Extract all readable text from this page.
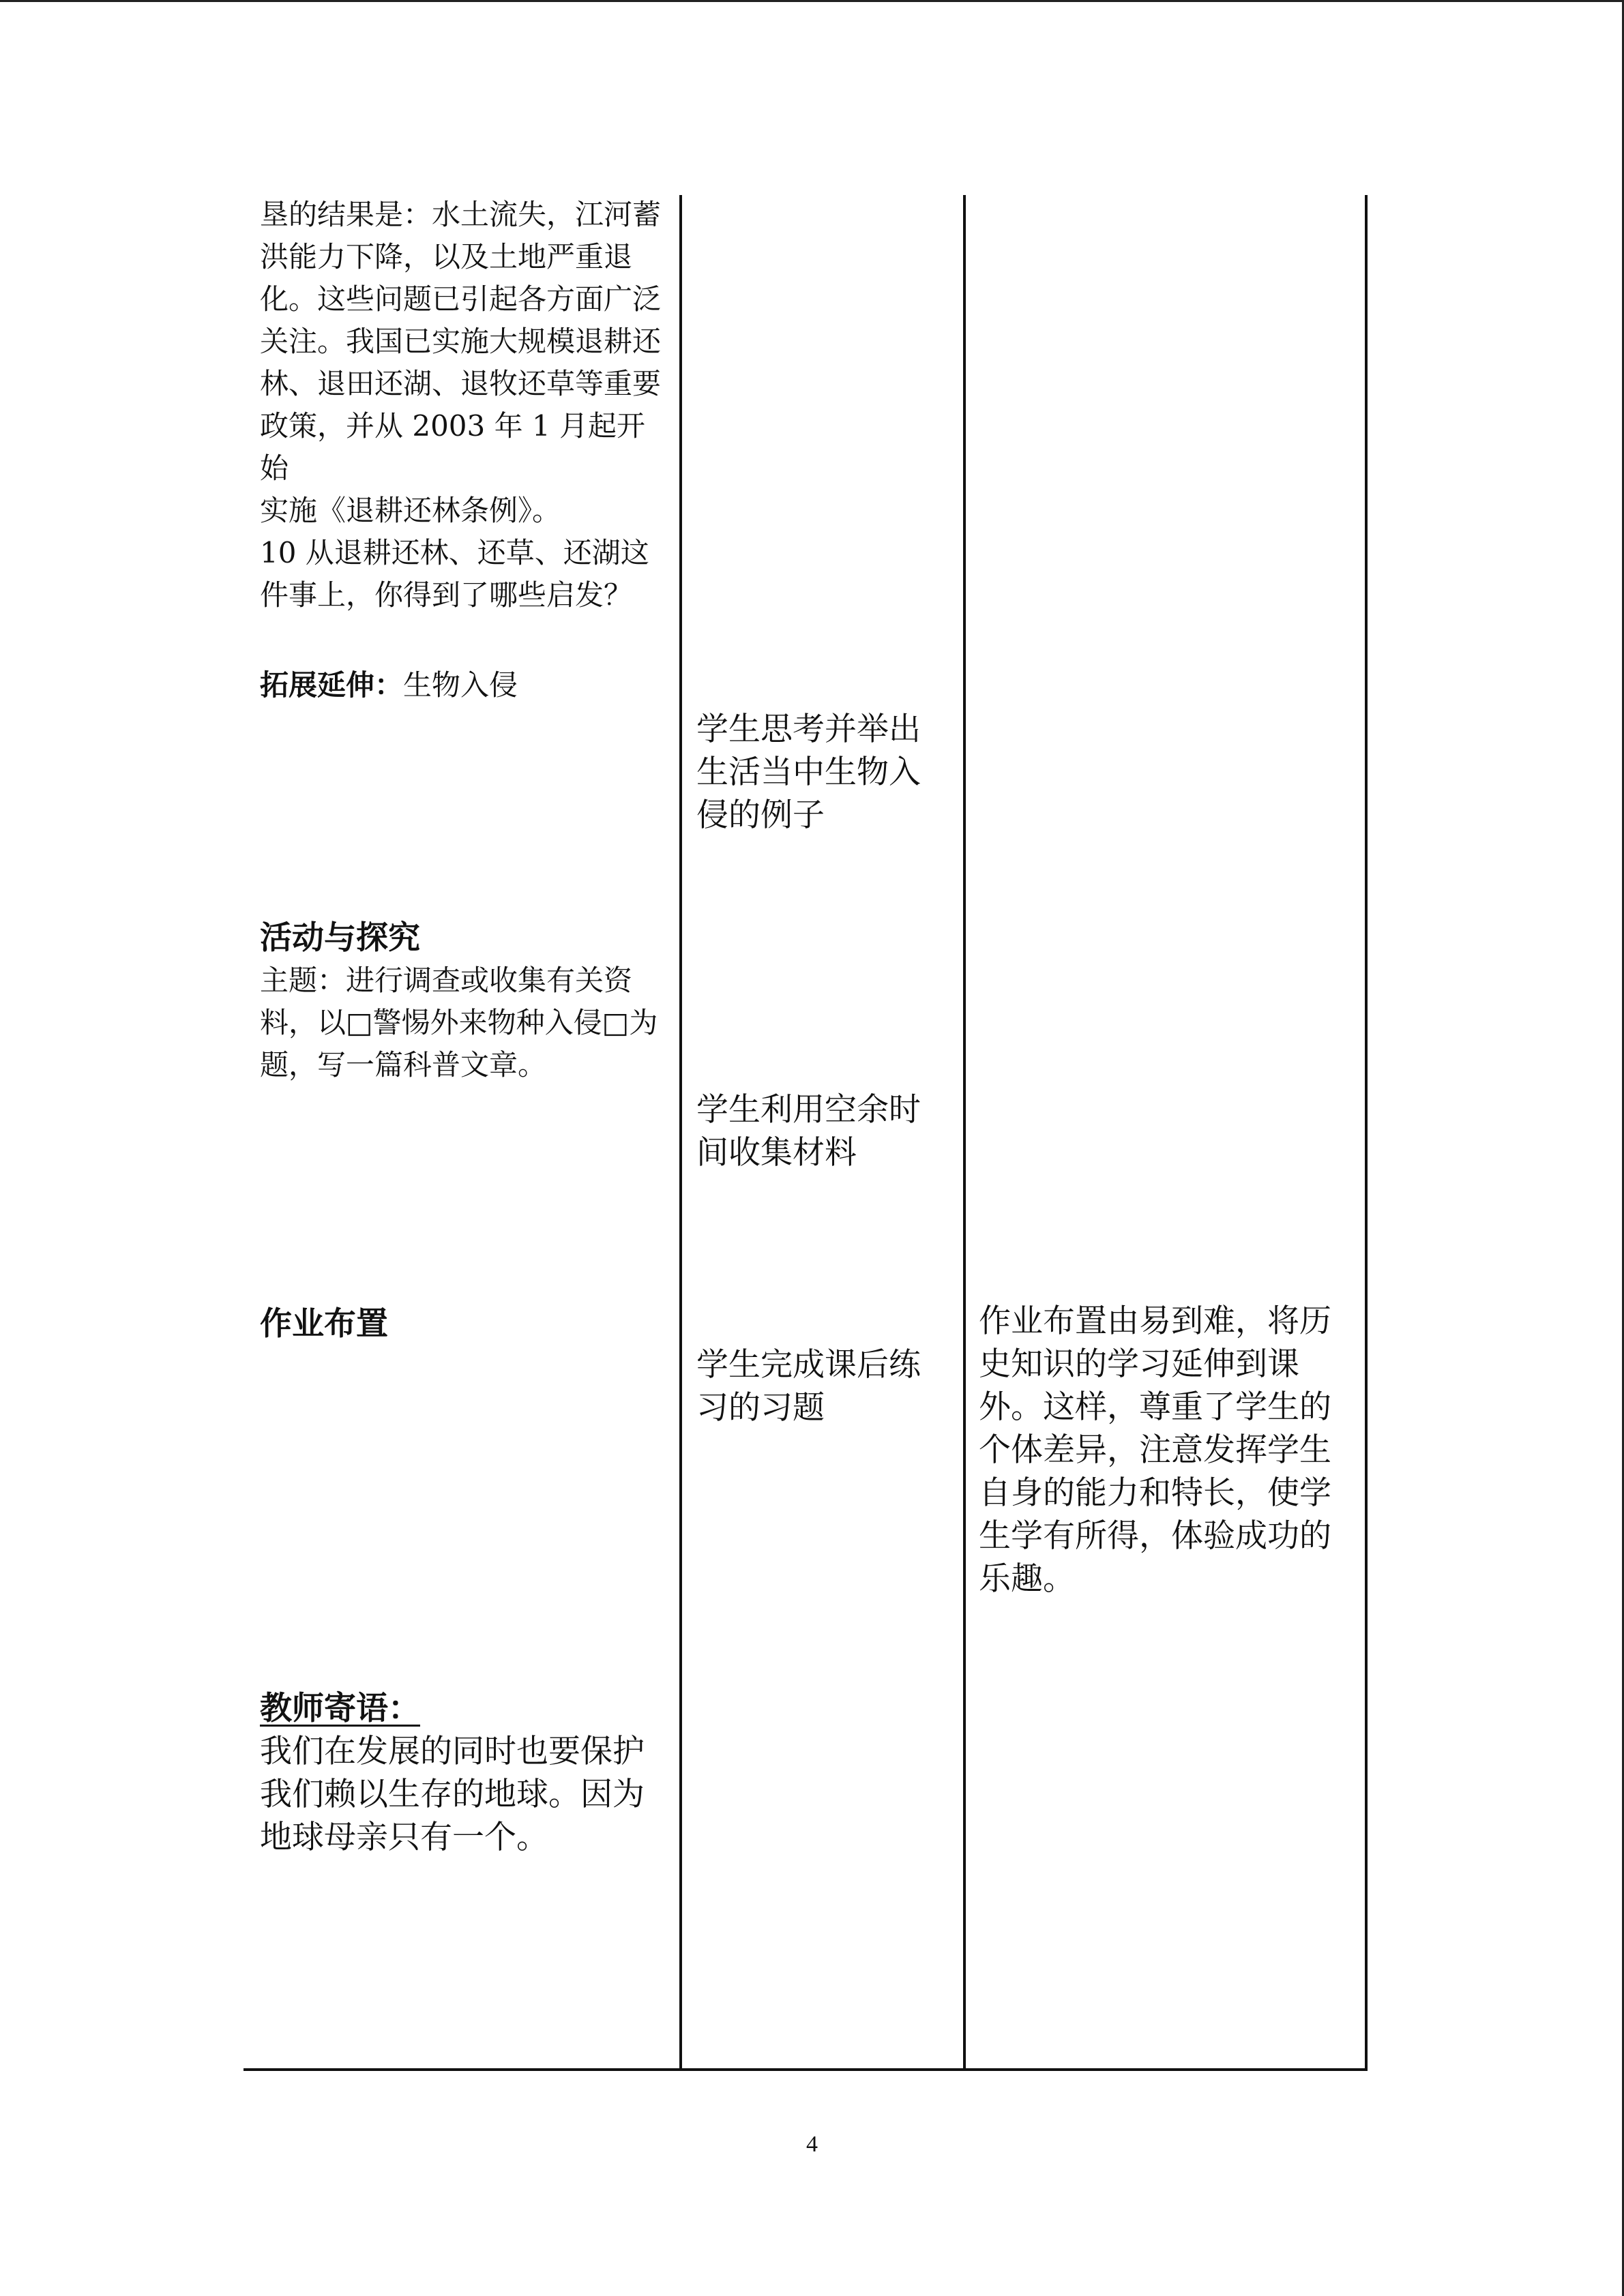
垦的结果是：水土流失，江河蓄

洪能力下降，以及土地严重退

化。这些问题已引起各方面广泛

关注。我国已实施大规模退耕还

林、退田还湖、退牧还草等重要

政策，并从 2003 年 1 月起开始

实施《退耕还林条例》。

10 从退耕还林、还草、还湖这

件事上，你得到了哪些启发？

拓展延伸：生物入侵

活动与探究

主题：进行调查或收集有关资

料，以□警惕外来物种入侵□为

题，写一篇科普文章。

作业布置

教师寄语：

我们在发展的同时也要保护

我们赖以生存的地球。因为

地球母亲只有一个。

学生思考并举出

生活当中生物入

侵的例子

学生利用空余时

间收集材料

学生完成课后练

习的习题

作业布置由易到难，将历

史知识的学习延伸到课

外。这样，尊重了学生的

个体差异，注意发挥学生

自身的能力和特长，使学

生学有所得，体验成功的

乐趣。

4
